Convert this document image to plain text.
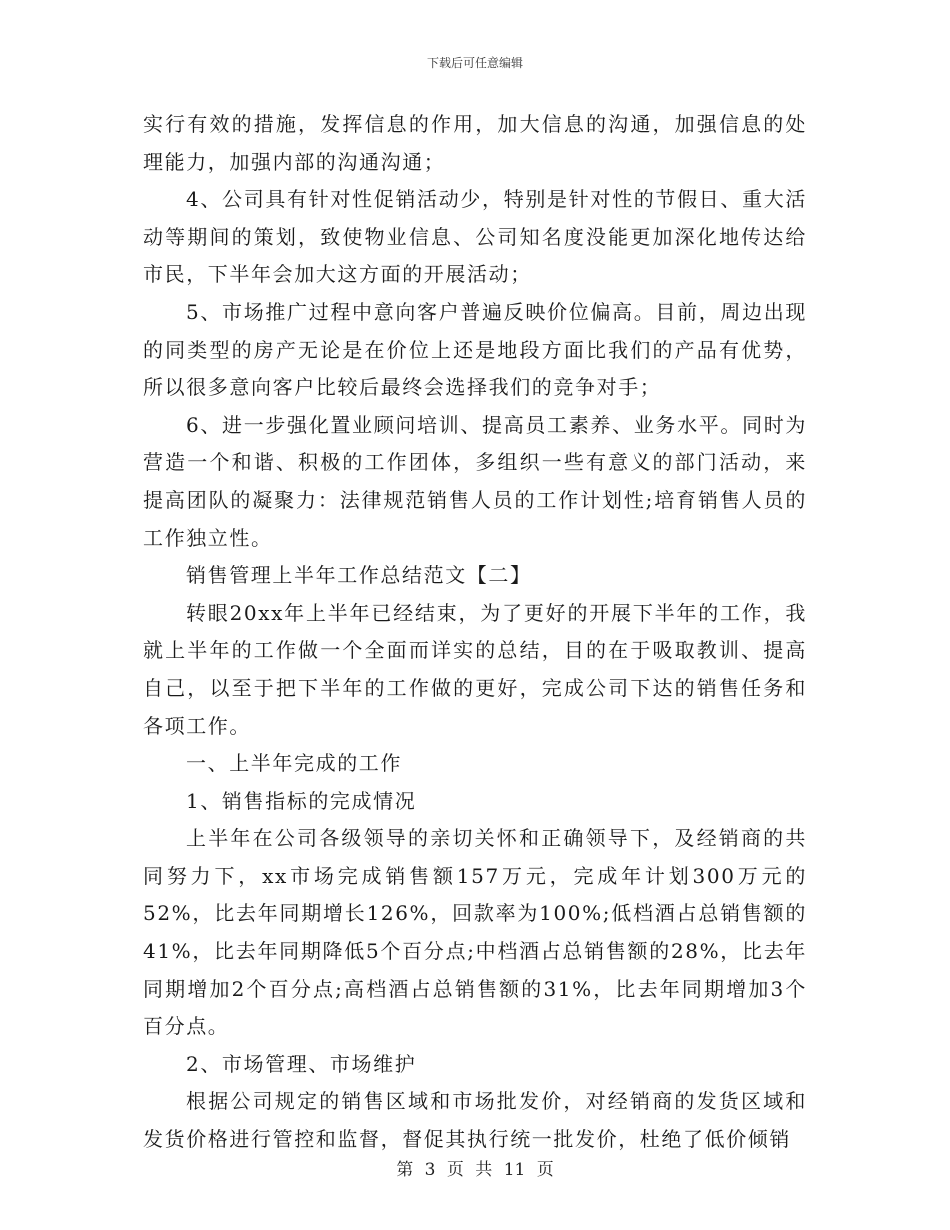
下载后可任意编辑

实行有效的措施，发挥信息的作用，加大信息的沟通，加强信息的处理能力，加强内部的沟通沟通；

4、公司具有针对性促销活动少，特别是针对性的节假日、重大活动等期间的策划，致使物业信息、公司知名度没能更加深化地传达给市民，下半年会加大这方面的开展活动；

5、市场推广过程中意向客户普遍反映价位偏高。目前，周边出现的同类型的房产无论是在价位上还是地段方面比我们的产品有优势，所以很多意向客户比较后最终会选择我们的竞争对手；

6、进一步强化置业顾问培训、提高员工素养、业务水平。同时为营造一个和谐、积极的工作团体，多组织一些有意义的部门活动，来提高团队的凝聚力：法律规范销售人员的工作计划性;培育销售人员的工作独立性。

销售管理上半年工作总结范文【二】

转眼20xx年上半年已经结束，为了更好的开展下半年的工作，我就上半年的工作做一个全面而详实的总结，目的在于吸取教训、提高自己，以至于把下半年的工作做的更好，完成公司下达的销售任务和各项工作。

一、上半年完成的工作

1、销售指标的完成情况

上半年在公司各级领导的亲切关怀和正确领导下，及经销商的共同努力下，xx市场完成销售额157万元，完成年计划300万元的52%，比去年同期增长126%，回款率为100%;低档酒占总销售额的41%，比去年同期降低5个百分点;中档酒占总销售额的28%，比去年同期增加2个百分点;高档酒占总销售额的31%，比去年同期增加3个百分点。

2、市场管理、市场维护

根据公司规定的销售区域和市场批发价，对经销商的发货区域和发货价格进行管控和监督，督促其执行统一批发价，杜绝了低价倾销

第 3 页 共 11 页
